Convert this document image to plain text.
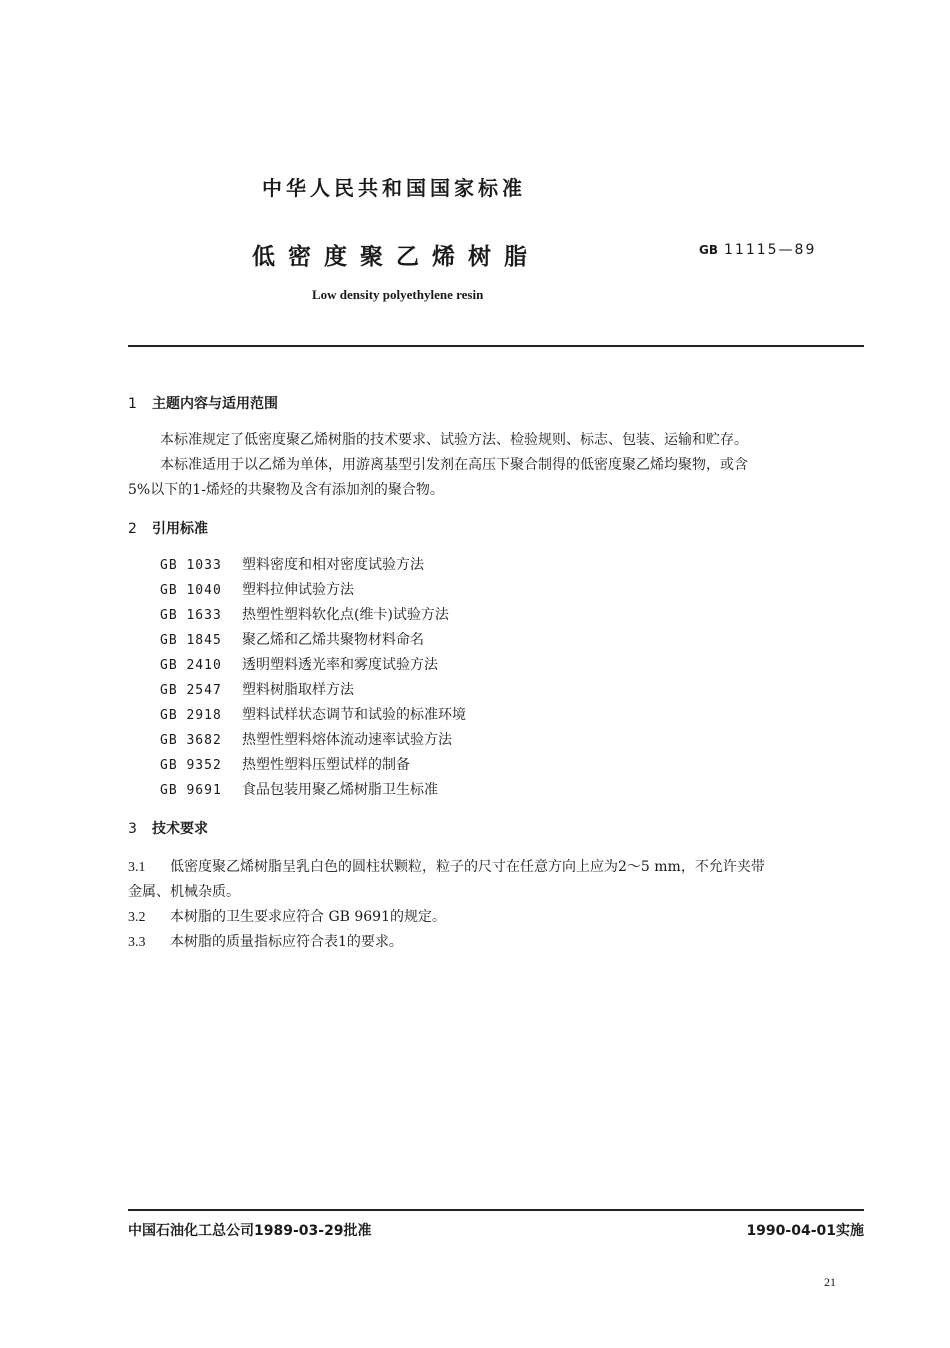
中华人民共和国国家标准
低密度聚乙烯树脂	GB 11115—89
Low density polyethylene resin
1 主题内容与适用范围
本标准规定了低密度聚乙烯树脂的技术要求、试验方法、检验规则、标志、包装、运输和贮存。
本标准适用于以乙烯为单体，用游离基型引发剂在高压下聚合制得的低密度聚乙烯均聚物，或含
5%以下的1-烯烃的共聚物及含有添加剂的聚合物。
2 引用标准
GB 1033 塑料密度和相对密度试验方法
GB 1040 塑料拉伸试验方法
GB 1633 热塑性塑料软化点(维卡)试验方法
GB 1845 聚乙烯和乙烯共聚物材料命名
GB 2410 透明塑料透光率和雾度试验方法
GB 2547 塑料树脂取样方法
GB 2918 塑料试样状态调节和试验的标准环境
GB 3682 热塑性塑料熔体流动速率试验方法
GB 9352 热塑性塑料压塑试样的制备
GB 9691 食品包装用聚乙烯树脂卫生标准
3 技术要求
3.1 低密度聚乙烯树脂呈乳白色的圆柱状颗粒，粒子的尺寸在任意方向上应为2～5 mm，不允许夹带
金属、机械杂质。
3.2 本树脂的卫生要求应符合 GB 9691的规定。
3.3 本树脂的质量指标应符合表1的要求。
中国石油化工总公司1989-03-29批准	1990-04-01实施
21
